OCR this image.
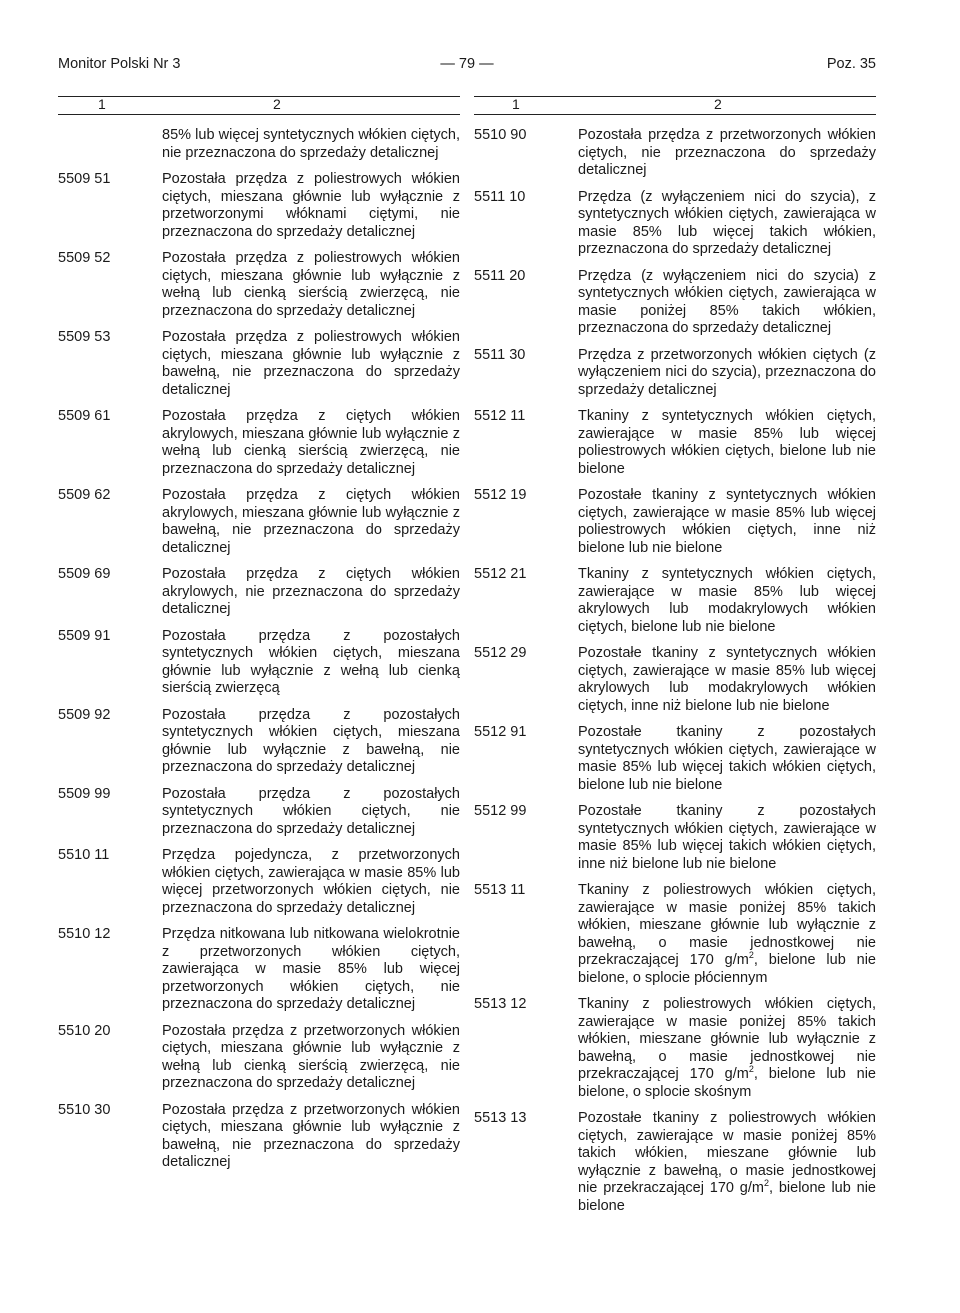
Monitor Polski Nr 3	— 79 —	Poz. 35
1	2
85% lub więcej syntetycznych włókien ciętych, nie przeznaczona do sprzedaży detalicznej
5509 51	Pozostała przędza z poliestrowych włókien ciętych, mieszana głównie lub wyłącznie z przetworzonymi włóknami ciętymi, nie przeznaczona do sprzedaży detalicznej
5509 52	Pozostała przędza z poliestrowych włókien ciętych, mieszana głównie lub wyłącznie z wełną lub cienką sierścią zwierzęcą, nie przeznaczona do sprzedaży detalicznej
5509 53	Pozostała przędza z poliestrowych włókien ciętych, mieszana głównie lub wyłącznie z bawełną, nie przeznaczona do sprzedaży detalicznej
5509 61	Pozostała przędza z ciętych włókien akrylowych, mieszana głównie lub wyłącznie z wełną lub cienką sierścią zwierzęcą, nie przeznaczona do sprzedaży detalicznej
5509 62	Pozostała przędza z ciętych włókien akrylowych, mieszana głównie lub wyłącznie z bawełną, nie przeznaczona do sprzedaży detalicznej
5509 69	Pozostała przędza z ciętych włókien akrylowych, nie przeznaczona do sprzedaży detalicznej
5509 91	Pozostała przędza z pozostałych syntetycznych włókien ciętych, mieszana głównie lub wyłącznie z wełną lub cienką sierścią zwierzęcą
5509 92	Pozostała przędza z pozostałych syntetycznych włókien ciętych, mieszana głównie lub wyłącznie z bawełną, nie przeznaczona do sprzedaży detalicznej
5509 99	Pozostała przędza z pozostałych syntetycznych włókien ciętych, nie przeznaczona do sprzedaży detalicznej
5510 11	Przędza pojedyncza, z przetworzonych włókien ciętych, zawierająca w masie 85% lub więcej przetworzonych włókien ciętych, nie przeznaczona do sprzedaży detalicznej
5510 12	Przędza nitkowana lub nitkowana wielokrotnie z przetworzonych włókien ciętych, zawierająca w masie 85% lub więcej przetworzonych włókien ciętych, nie przeznaczona do sprzedaży detalicznej
5510 20	Pozostała przędza z przetworzonych włókien ciętych, mieszana głównie lub wyłącznie z wełną lub cienką sierścią zwierzęcą, nie przeznaczona do sprzedaży detalicznej
5510 30	Pozostała przędza z przetworzonych włókien ciętych, mieszana głównie lub wyłącznie z bawełną, nie przeznaczona do sprzedaży detalicznej
1	2
5510 90	Pozostała przędza z przetworzonych włókien ciętych, nie przeznaczona do sprzedaży detalicznej
5511 10	Przędza (z wyłączeniem nici do szycia), z syntetycznych włókien ciętych, zawierająca w masie 85% lub więcej takich włókien, przeznaczona do sprzedaży detalicznej
5511 20	Przędza (z wyłączeniem nici do szycia) z syntetycznych włókien ciętych, zawierająca w masie poniżej 85% takich włókien, przeznaczona do sprzedaży detalicznej
5511 30	Przędza z przetworzonych włókien ciętych (z wyłączeniem nici do szycia), przeznaczona do sprzedaży detalicznej
5512 11	Tkaniny z syntetycznych włókien ciętych, zawierające w masie 85% lub więcej poliestrowych włókien ciętych, bielone lub nie bielone
5512 19	Pozostałe tkaniny z syntetycznych włókien ciętych, zawierające w masie 85% lub więcej poliestrowych włókien ciętych, inne niż bielone lub nie bielone
5512 21	Tkaniny z syntetycznych włókien ciętych, zawierające w masie 85% lub więcej akrylowych lub modakrylowych włókien ciętych, bielone lub nie bielone
5512 29	Pozostałe tkaniny z syntetycznych włókien ciętych, zawierające w masie 85% lub więcej akrylowych lub modakrylowych włókien ciętych, inne niż bielone lub nie bielone
5512 91	Pozostałe tkaniny z pozostałych syntetycznych włókien ciętych, zawierające w masie 85% lub więcej takich włókien ciętych, bielone lub nie bielone
5512 99	Pozostałe tkaniny z pozostałych syntetycznych włókien ciętych, zawierające w masie 85% lub więcej takich włókien ciętych, inne niż bielone lub nie bielone
5513 11	Tkaniny z poliestrowych włókien ciętych, zawierające w masie poniżej 85% takich włókien, mieszane głównie lub wyłącznie z bawełną, o masie jednostkowej nie przekraczającej 170 $g/m^2$, bielone lub nie bielone, o splocie płóciennym
5513 12	Tkaniny z poliestrowych włókien ciętych, zawierające w masie poniżej 85% takich włókien, mieszane głównie lub wyłącznie z bawełną, o masie jednostkowej nie przekraczającej 170 $g/m^2$, bielone lub nie bielone, o splocie skośnym
5513 13	Pozostałe tkaniny z poliestrowych włókien ciętych, zawierające w masie poniżej 85% takich włókien, mieszane głównie lub wyłącznie z bawełną, o masie jednostkowej nie przekraczającej 170 $g/m^2$, bielone lub nie bielone
